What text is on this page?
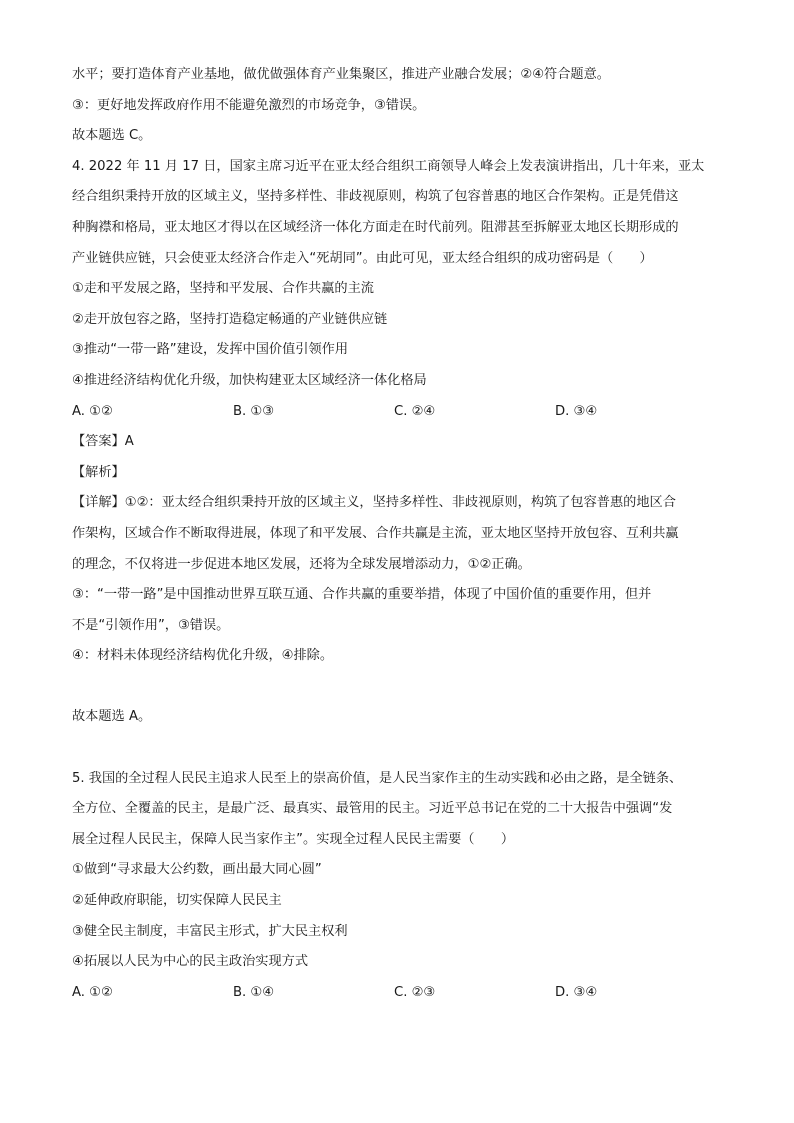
水平；要打造体育产业基地，做优做强体育产业集聚区，推进产业融合发展；②④符合题意。
③：更好地发挥政府作用不能避免激烈的市场竞争，③错误。
故本题选 C。
4. 2022 年 11 月 17 日，国家主席习近平在亚太经合组织工商领导人峰会上发表演讲指出，几十年来，亚太
经合组织秉持开放的区域主义，坚持多样性、非歧视原则，构筑了包容普惠的地区合作架构。正是凭借这
种胸襟和格局，亚太地区才得以在区域经济一体化方面走在时代前列。阻滞甚至拆解亚太地区长期形成的
产业链供应链，只会使亚太经济合作走入“死胡同”。由此可见，亚太经合组织的成功密码是（　　）
①走和平发展之路，坚持和平发展、合作共赢的主流
②走开放包容之路，坚持打造稳定畅通的产业链供应链
③推动“一带一路”建设，发挥中国价值引领作用
④推进经济结构优化升级，加快构建亚太区域经济一体化格局
A. ①②	B. ①③	C. ②④	D. ③④
【答案】A
【解析】
【详解】①②：亚太经合组织秉持开放的区域主义，坚持多样性、非歧视原则，构筑了包容普惠的地区合
作架构，区域合作不断取得进展，体现了和平发展、合作共赢是主流，亚太地区坚持开放包容、互利共赢
的理念，不仅将进一步促进本地区发展，还将为全球发展增添动力，①②正确。
③：“一带一路”是中国推动世界互联互通、合作共赢的重要举措，体现了中国价值的重要作用，但并
不是“引领作用”，③错误。
④：材料未体现经济结构优化升级，④排除。
故本题选 A。
5. 我国的全过程人民民主追求人民至上的崇高价值，是人民当家作主的生动实践和必由之路，是全链条、
全方位、全覆盖的民主，是最广泛、最真实、最管用的民主。习近平总书记在党的二十大报告中强调“发
展全过程人民民主，保障人民当家作主”。实现全过程人民民主需要（　　）
①做到“寻求最大公约数，画出最大同心圆”
②延伸政府职能，切实保障人民民主
③健全民主制度，丰富民主形式，扩大民主权利
④拓展以人民为中心的民主政治实现方式
A. ①②	B. ①④	C. ②③	D. ③④
